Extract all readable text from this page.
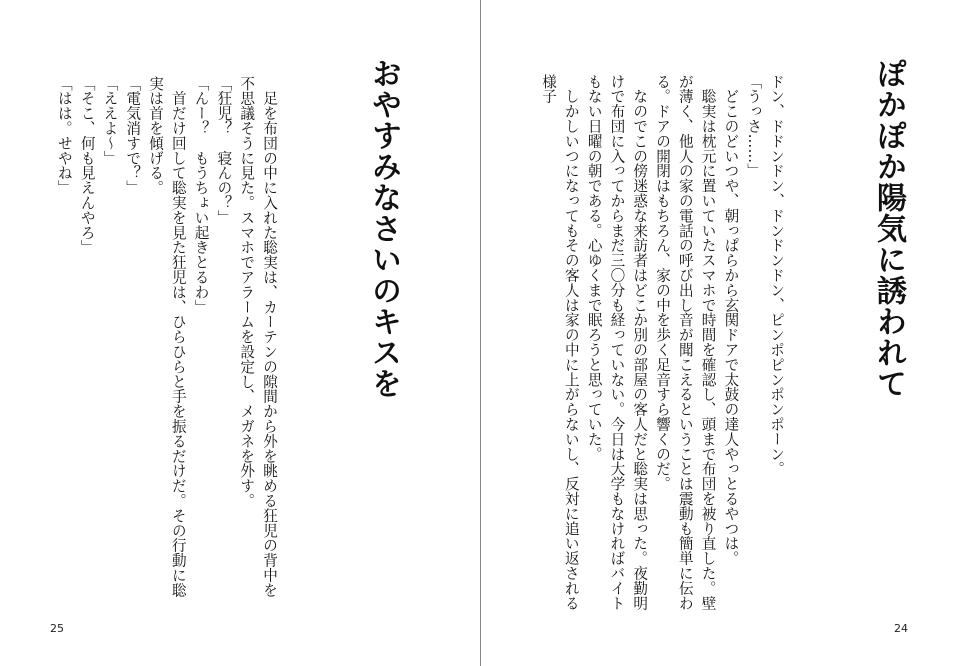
おやすみなさいのキスを

　足を布団の中に入れた聡実は、カーテンの隙間から外を眺める狂児の背中を不思議そうに見た。スマホでアラームを設定し、メガネを外す。
「狂児？　寝んの？」
「んー？　もうちょい起きとるわ」
　首だけ回して聡実を見た狂児は、ひらひらと手を振るだけだ。その行動に聡実は首を傾げる。
「電気消すで？」
「ええよ～」
「そこ、何も見えんやろ」
「はは。せやね」

25
ぽかぽか陽気に誘われて

ドン、ドドンドン、ドンドンドン、ピンポピンポンポーン。
「うっさ……」
　どこのどいつや、朝っぱらから玄関ドアで太鼓の達人やっとるやつは。
　聡実は枕元に置いていたスマホで時間を確認し、頭まで布団を被り直した。壁が薄く、他人の家の電話の呼び出し音が聞こえるということは震動も簡単に伝わる。ドアの開閉はもちろん、家の中を歩く足音すら響くのだ。
　なのでこの傍迷惑な来訪者はどこか別の部屋の客人だと聡実は思った。夜勤明けで布団に入ってからまだ三〇分も経っていない。今日は大学もなければバイトもない日曜の朝である。心ゆくまで眠ろうと思っていた。
　しかしいつになってもその客人は家の中に上がらないし、反対に追い返される様子

24
